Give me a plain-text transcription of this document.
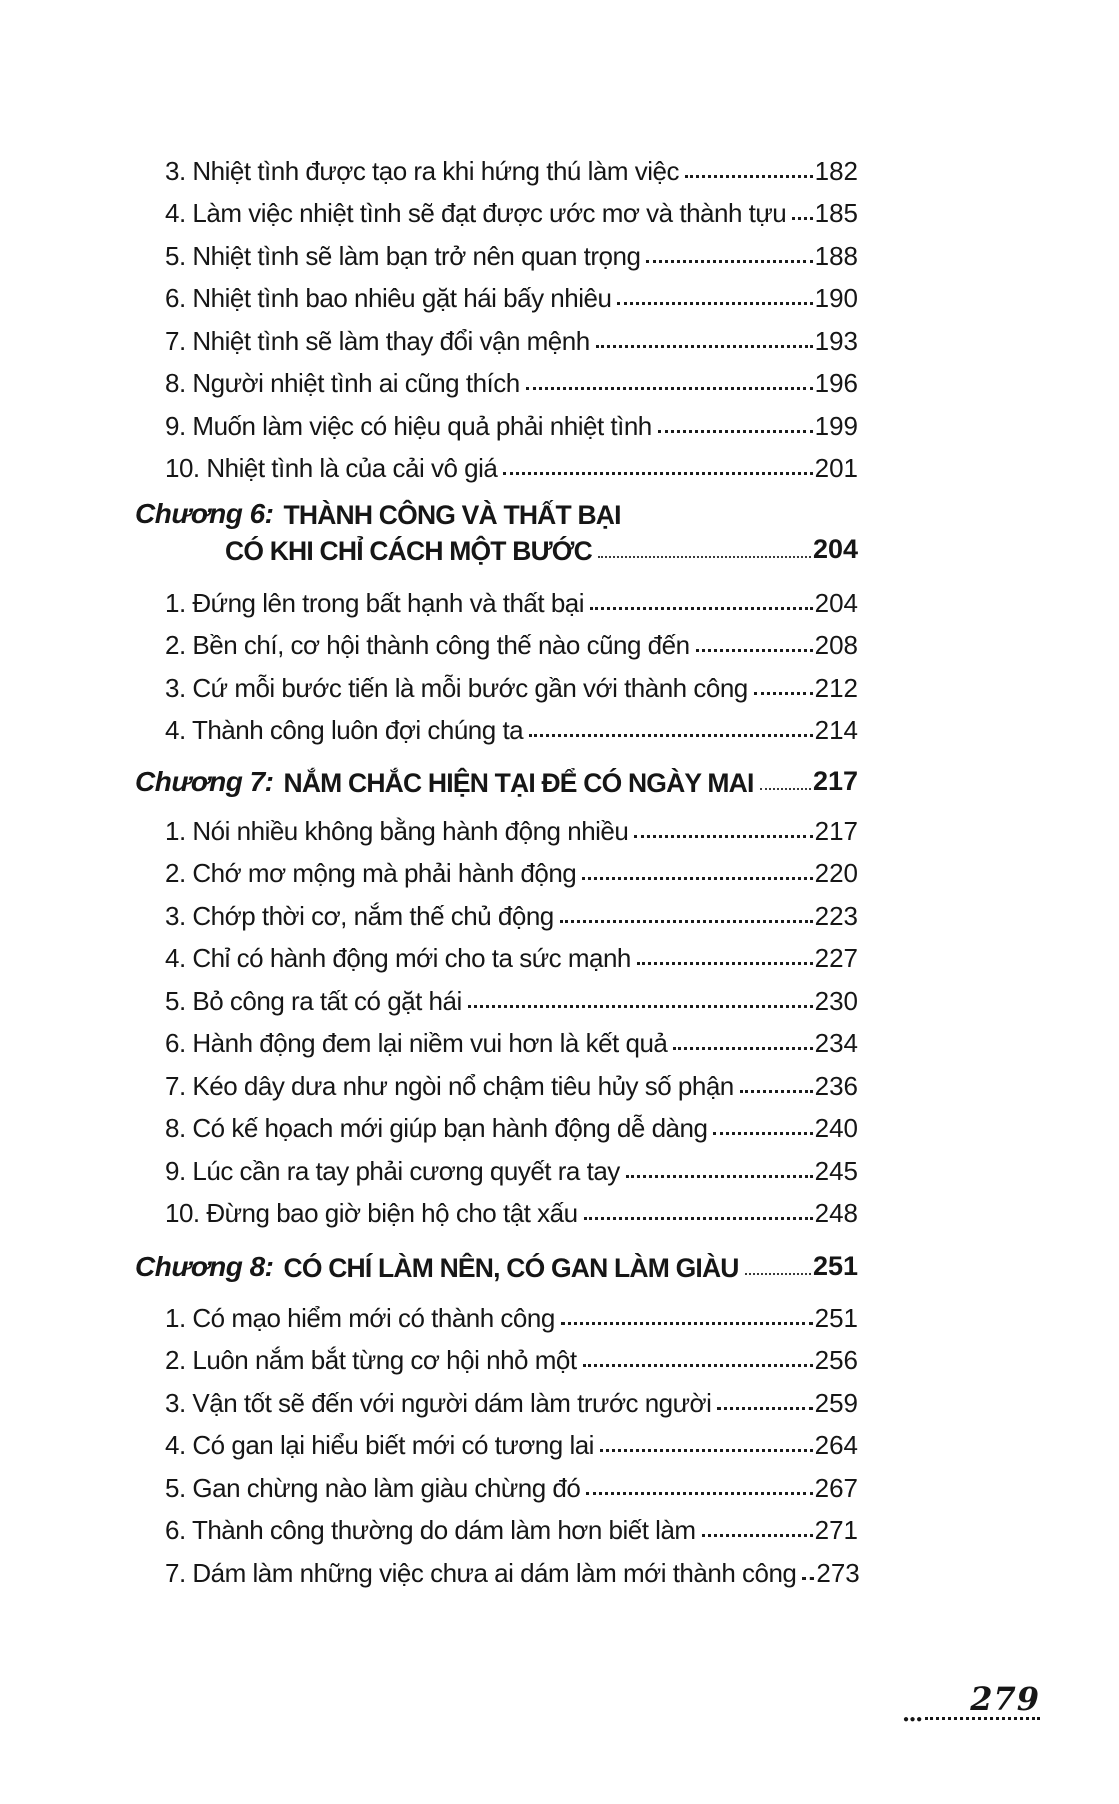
3. Nhiệt tình được tạo ra khi hứng thú làm việc	182
4. Làm việc nhiệt tình sẽ đạt được ước mơ và thành tựu 185
5. Nhiệt tình sẽ làm bạn trở nên quan trọng	188
6. Nhiệt tình bao nhiêu gặt hái bấy nhiêu	190
7. Nhiệt tình sẽ làm thay đổi vận mệnh	193
8. Người nhiệt tình ai cũng thích	196
9. Muốn làm việc có hiệu quả phải nhiệt tình	199
10. Nhiệt tình là của cải vô giá	201
Chương 6: THÀNH CÔNG VÀ THẤT BẠI
CÓ KHI CHỈ CÁCH MỘT BƯỚC	204
1. Đứng lên trong bất hạnh và thất bại	204
2. Bền chí, cơ hội thành công thế nào cũng đến	208
3. Cứ mỗi bước tiến là mỗi bước gần với thành công	212
4. Thành công luôn đợi chúng ta	214
Chương 7: NẮM CHẮC HIỆN TẠI ĐỂ CÓ NGÀY MAI 217
1. Nói nhiều không bằng hành động nhiều	217
2. Chớ mơ mộng mà phải hành động	220
3. Chớp thời cơ, nắm thế chủ động	223
4. Chỉ có hành động mới cho ta sức mạnh	227
5. Bỏ công ra tất có gặt hái	230
6. Hành động đem lại niềm vui hơn là kết quả	234
7. Kéo dây dưa như ngòi nổ chậm tiêu hủy số phận	236
8. Có kế họach mới giúp bạn hành động dễ dàng	240
9. Lúc cần ra tay phải cương quyết ra tay	245
10. Đừng bao giờ biện hộ cho tật xấu	248
Chương 8: CÓ CHÍ LÀM NÊN, CÓ GAN LÀM GIÀU	251
1. Có mạo hiểm mới có thành công	251
2. Luôn nắm bắt từng cơ hội nhỏ một	256
3. Vận tốt sẽ đến với người dám làm trước người	259
4. Có gan lại hiểu biết mới có tương lai	264
5. Gan chừng nào làm giàu chừng đó	267
6. Thành công thường do dám làm hơn biết làm	271
7. Dám làm những việc chưa ai dám làm mới thành công 273
279
●●●
